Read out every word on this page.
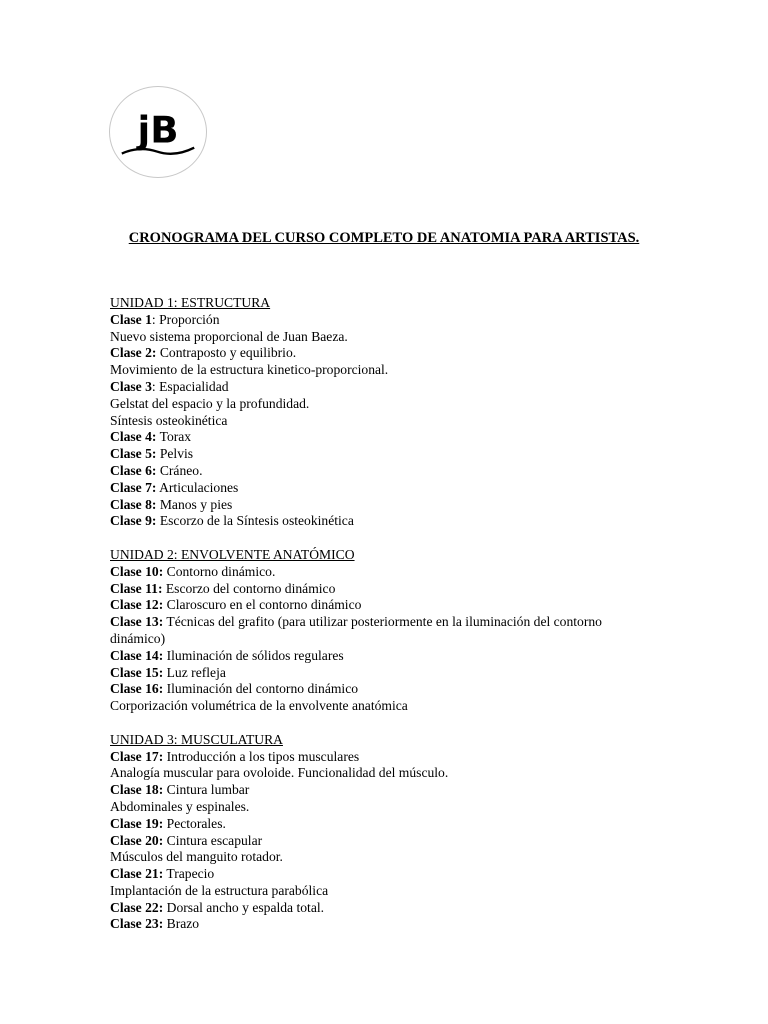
jB
CRONOGRAMA DEL CURSO COMPLETO DE ANATOMIA PARA ARTISTAS.
UNIDAD 1: ESTRUCTURA
Clase 1: Proporción
Nuevo sistema proporcional de Juan Baeza.
Clase 2: Contraposto y equilibrio.
Movimiento de la estructura kinetico-proporcional.
Clase 3: Espacialidad
Gelstat del espacio y la profundidad.
Síntesis osteokinética
Clase 4: Torax
Clase 5: Pelvis
Clase 6: Cráneo.
Clase 7: Articulaciones
Clase 8: Manos y pies
Clase 9: Escorzo de la Síntesis osteokinética
UNIDAD 2: ENVOLVENTE ANATÓMICO
Clase 10: Contorno dinámico.
Clase 11: Escorzo del contorno dinámico
Clase 12: Claroscuro en el contorno dinámico
Clase 13: Técnicas del grafito (para utilizar posteriormente en la iluminación del contorno dinámico)
Clase 14: Iluminación de sólidos regulares
Clase 15: Luz refleja
Clase 16: Iluminación del contorno dinámico
Corporización volumétrica de la envolvente anatómica
UNIDAD 3: MUSCULATURA
Clase 17: Introducción a los tipos musculares
Analogía muscular para ovoloide. Funcionalidad del músculo.
Clase 18: Cintura lumbar
Abdominales y espinales.
Clase 19: Pectorales.
Clase 20: Cintura escapular
Músculos del manguito rotador.
Clase 21: Trapecio
Implantación de la estructura parabólica
Clase 22: Dorsal ancho y espalda total.
Clase 23: Brazo
